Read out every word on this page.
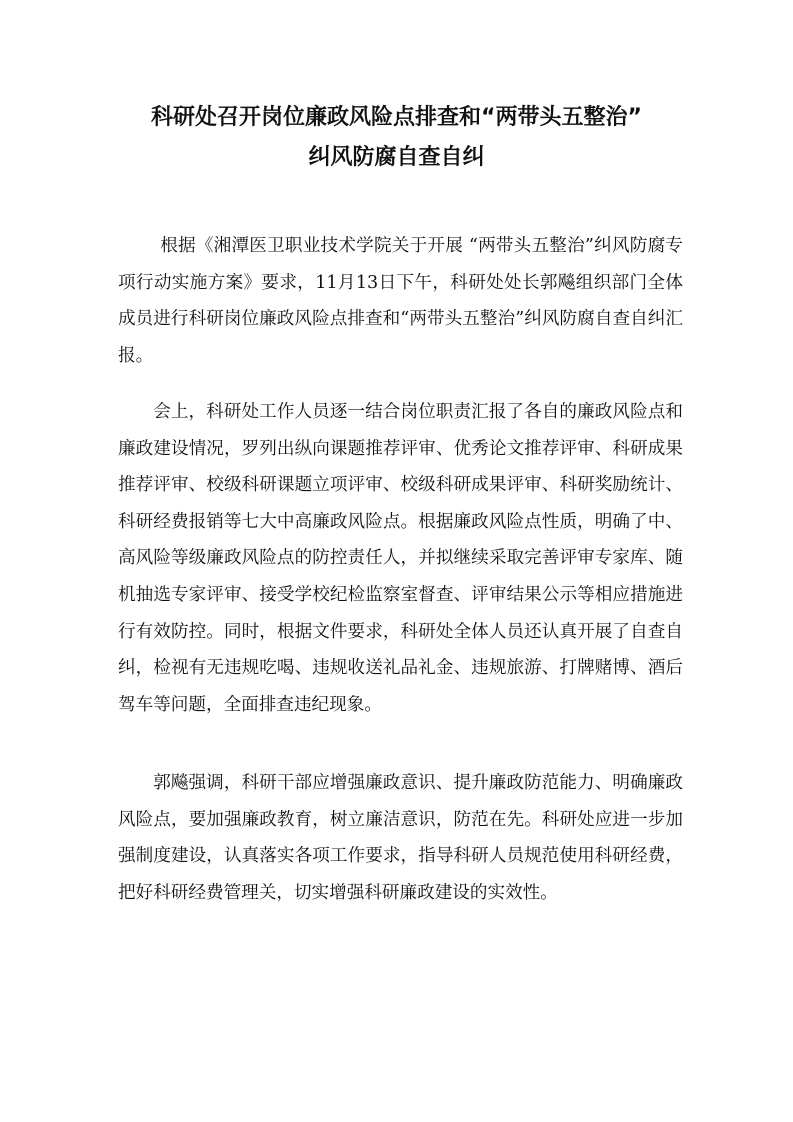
科研处召开岗位廉政风险点排查和“两带头五整治”
纠风防腐自查自纠

根据《湘潭医卫职业技术学院关于开展 “两带头五整治”纠风防腐专项行动实施方案》要求，11月13日下午，科研处处长郭飚组织部门全体成员进行科研岗位廉政风险点排查和“两带头五整治”纠风防腐自查自纠汇报。

会上，科研处工作人员逐一结合岗位职责汇报了各自的廉政风险点和廉政建设情况，罗列出纵向课题推荐评审、优秀论文推荐评审、科研成果推荐评审、校级科研课题立项评审、校级科研成果评审、科研奖励统计、科研经费报销等七大中高廉政风险点。根据廉政风险点性质，明确了中、高风险等级廉政风险点的防控责任人，并拟继续采取完善评审专家库、随机抽选专家评审、接受学校纪检监察室督查、评审结果公示等相应措施进行有效防控。同时，根据文件要求，科研处全体人员还认真开展了自查自纠，检视有无违规吃喝、违规收送礼品礼金、违规旅游、打牌赌博、酒后驾车等问题，全面排查违纪现象。

郭飚强调，科研干部应增强廉政意识、提升廉政防范能力、明确廉政风险点，要加强廉政教育，树立廉洁意识，防范在先。科研处应进一步加强制度建设，认真落实各项工作要求，指导科研人员规范使用科研经费，把好科研经费管理关，切实增强科研廉政建设的实效性。
